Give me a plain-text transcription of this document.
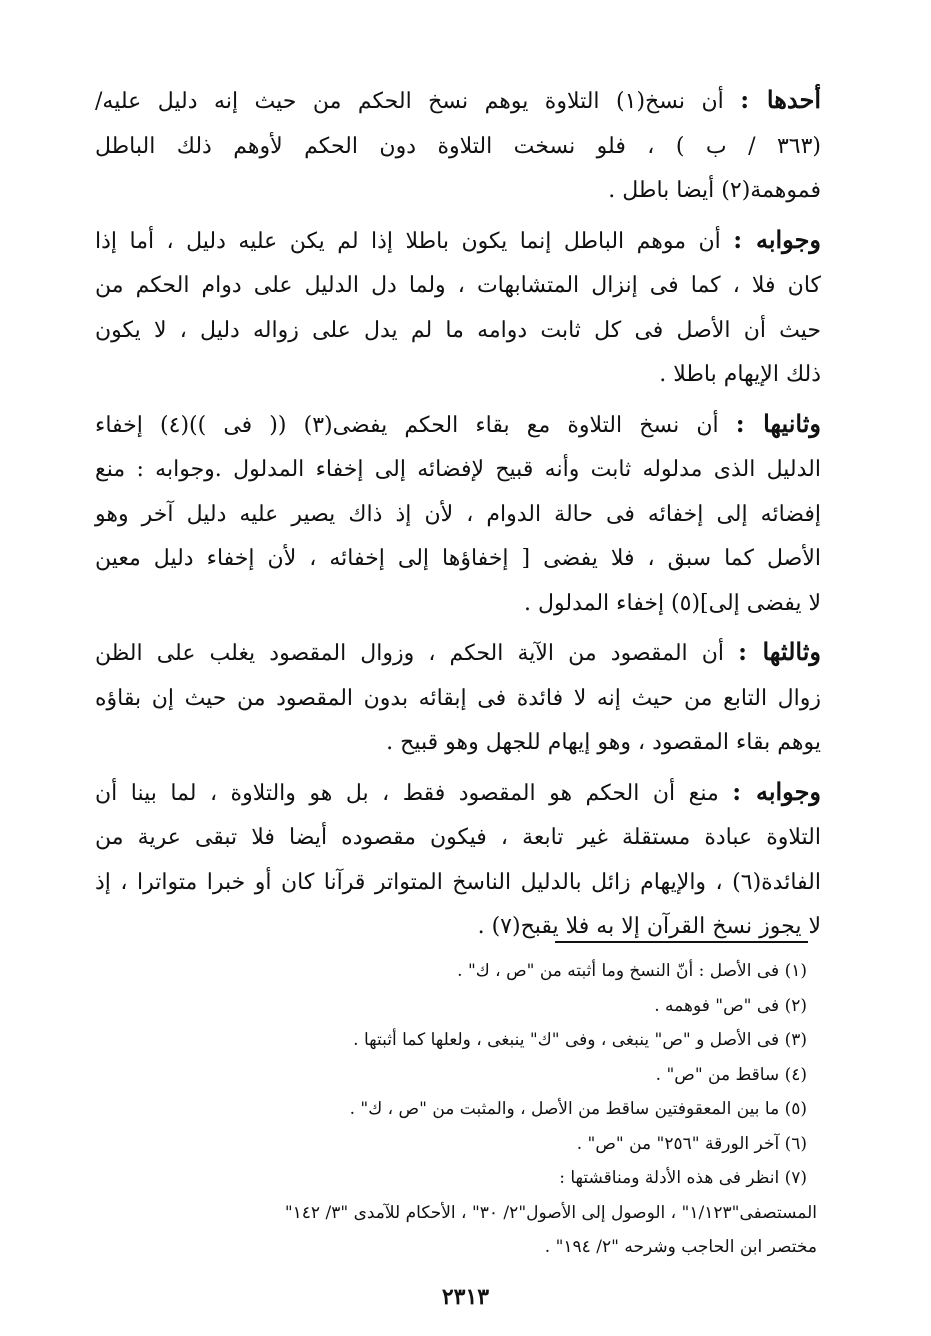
أحدها : أن نسخ(١) التلاوة يوهم نسخ الحكم من حيث إنه دليل عليه/
(٣٦٣ / ب ) ، فلو نسخت التلاوة دون الحكم لأوهم ذلك الباطل
فموهمة(٢) أيضا باطل .
وجوابه : أن موهم الباطل إنما يكون باطلا إذا لم يكن عليه دليل ، أما إذا
كان فلا ، كما فى إنزال المتشابهات ، ولما دل الدليل على دوام الحكم من
حيث أن الأصل فى كل ثابت دوامه ما لم يدل على زواله دليل ، لا يكون
ذلك الإيهام باطلا .
وثانيها : أن نسخ التلاوة مع بقاء الحكم يفضى(٣) (( فى ))(٤) إخفاء
الدليل الذى مدلوله ثابت وأنه قبيح لإفضائه إلى إخفاء المدلول .وجوابه : منع
إفضائه إلى إخفائه فى حالة الدوام ، لأن إذ ذاك يصير عليه دليل آخر وهو
الأصل كما سبق ، فلا يفضى [ إخفاؤها إلى إخفائه ، لأن إخفاء دليل معين
لا يفضى إلى](٥) إخفاء المدلول .
وثالثها : أن المقصود من الآية الحكم ، وزوال المقصود يغلب على الظن
زوال التابع من حيث إنه لا فائدة فى إبقائه بدون المقصود من حيث إن بقاؤه
يوهم بقاء المقصود ، وهو إيهام للجهل وهو قبيح .
وجوابه : منع أن الحكم هو المقصود فقط ، بل هو والتلاوة ، لما بينا أن
التلاوة عبادة مستقلة غير تابعة ، فيكون مقصوده أيضا فلا تبقى عرية من
الفائدة(٦) ، والإيهام زائل بالدليل الناسخ المتواتر قرآنا كان أو خبرا متواترا ، إذ
لا يجوز نسخ القرآن إلا به فلا يقبح(٧) .
(١) فى الأصل : أنّ النسخ وما أثبته من "ص ، ك" .
(٢) فى "ص" فوهمه .
(٣) فى الأصل و "ص" ينبغى ، وفى "ك" ينبغى ، ولعلها كما أثبتها .
(٤) ساقط من "ص" .
(٥) ما بين المعقوفتين ساقط من الأصل ، والمثبت من "ص ، ك" .
(٦) آخر الورقة "٢٥٦" من "ص" .
(٧) انظر فى هذه الأدلة ومناقشتها :
المستصفى"١/١٢٣" ، الوصول إلى الأصول"٢/ ٣٠" ، الأحكام للآمدى "٣/ ١٤٢"
مختصر ابن الحاجب وشرحه "٢/ ١٩٤" .
٢٣١٣
